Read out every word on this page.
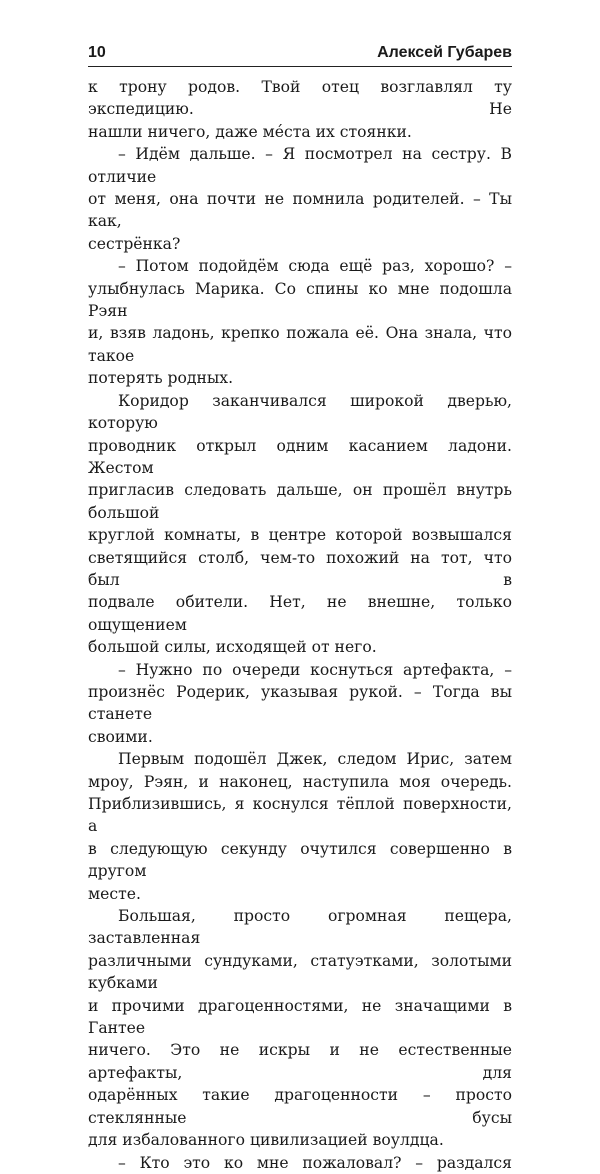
10	Алексей Губарев
к трону родов. Твой отец возглавлял ту экспедицию. Не
нашли ничего, даже мéста их стоянки.
– Идём дальше. – Я посмотрел на сестру. В отличие
от меня, она почти не помнила родителей. – Ты как,
сестрёнка?
– Потом подойдём сюда ещё раз, хорошо? –
улыбнулась Марика. Со спины ко мне подошла Рэян
и, взяв ладонь, крепко пожала её. Она знала, что такое
потерять родных.
Коридор заканчивался широкой дверью, которую
проводник открыл одним касанием ладони. Жестом
пригласив следовать дальше, он прошёл внутрь большой
круглой комнаты, в центре которой возвышался
светящийся столб, чем-то похожий на тот, что был в
подвале обители. Нет, не внешне, только ощущением
большой силы, исходящей от него.
– Нужно по очереди коснуться артефакта, –
произнёс Родерик, указывая рукой. – Тогда вы станете
своими.
Первым подошёл Джек, следом Ирис, затем
мроу, Рэян, и наконец, наступила моя очередь.
Приблизившись, я коснулся тёплой поверхности, а
в следующую секунду очутился совершенно в другом
месте.
Большая, просто огромная пещера, заставленная
различными сундуками, статуэтками, золотыми кубками
и прочими драгоценностями, не значащими в Гантее
ничего. Это не искры и не естественные артефакты, для
одарённых такие драгоценности – просто стеклянные бусы
для избалованного цивилизацией воулдца.
– Кто это ко мне пожаловал? – раздался
